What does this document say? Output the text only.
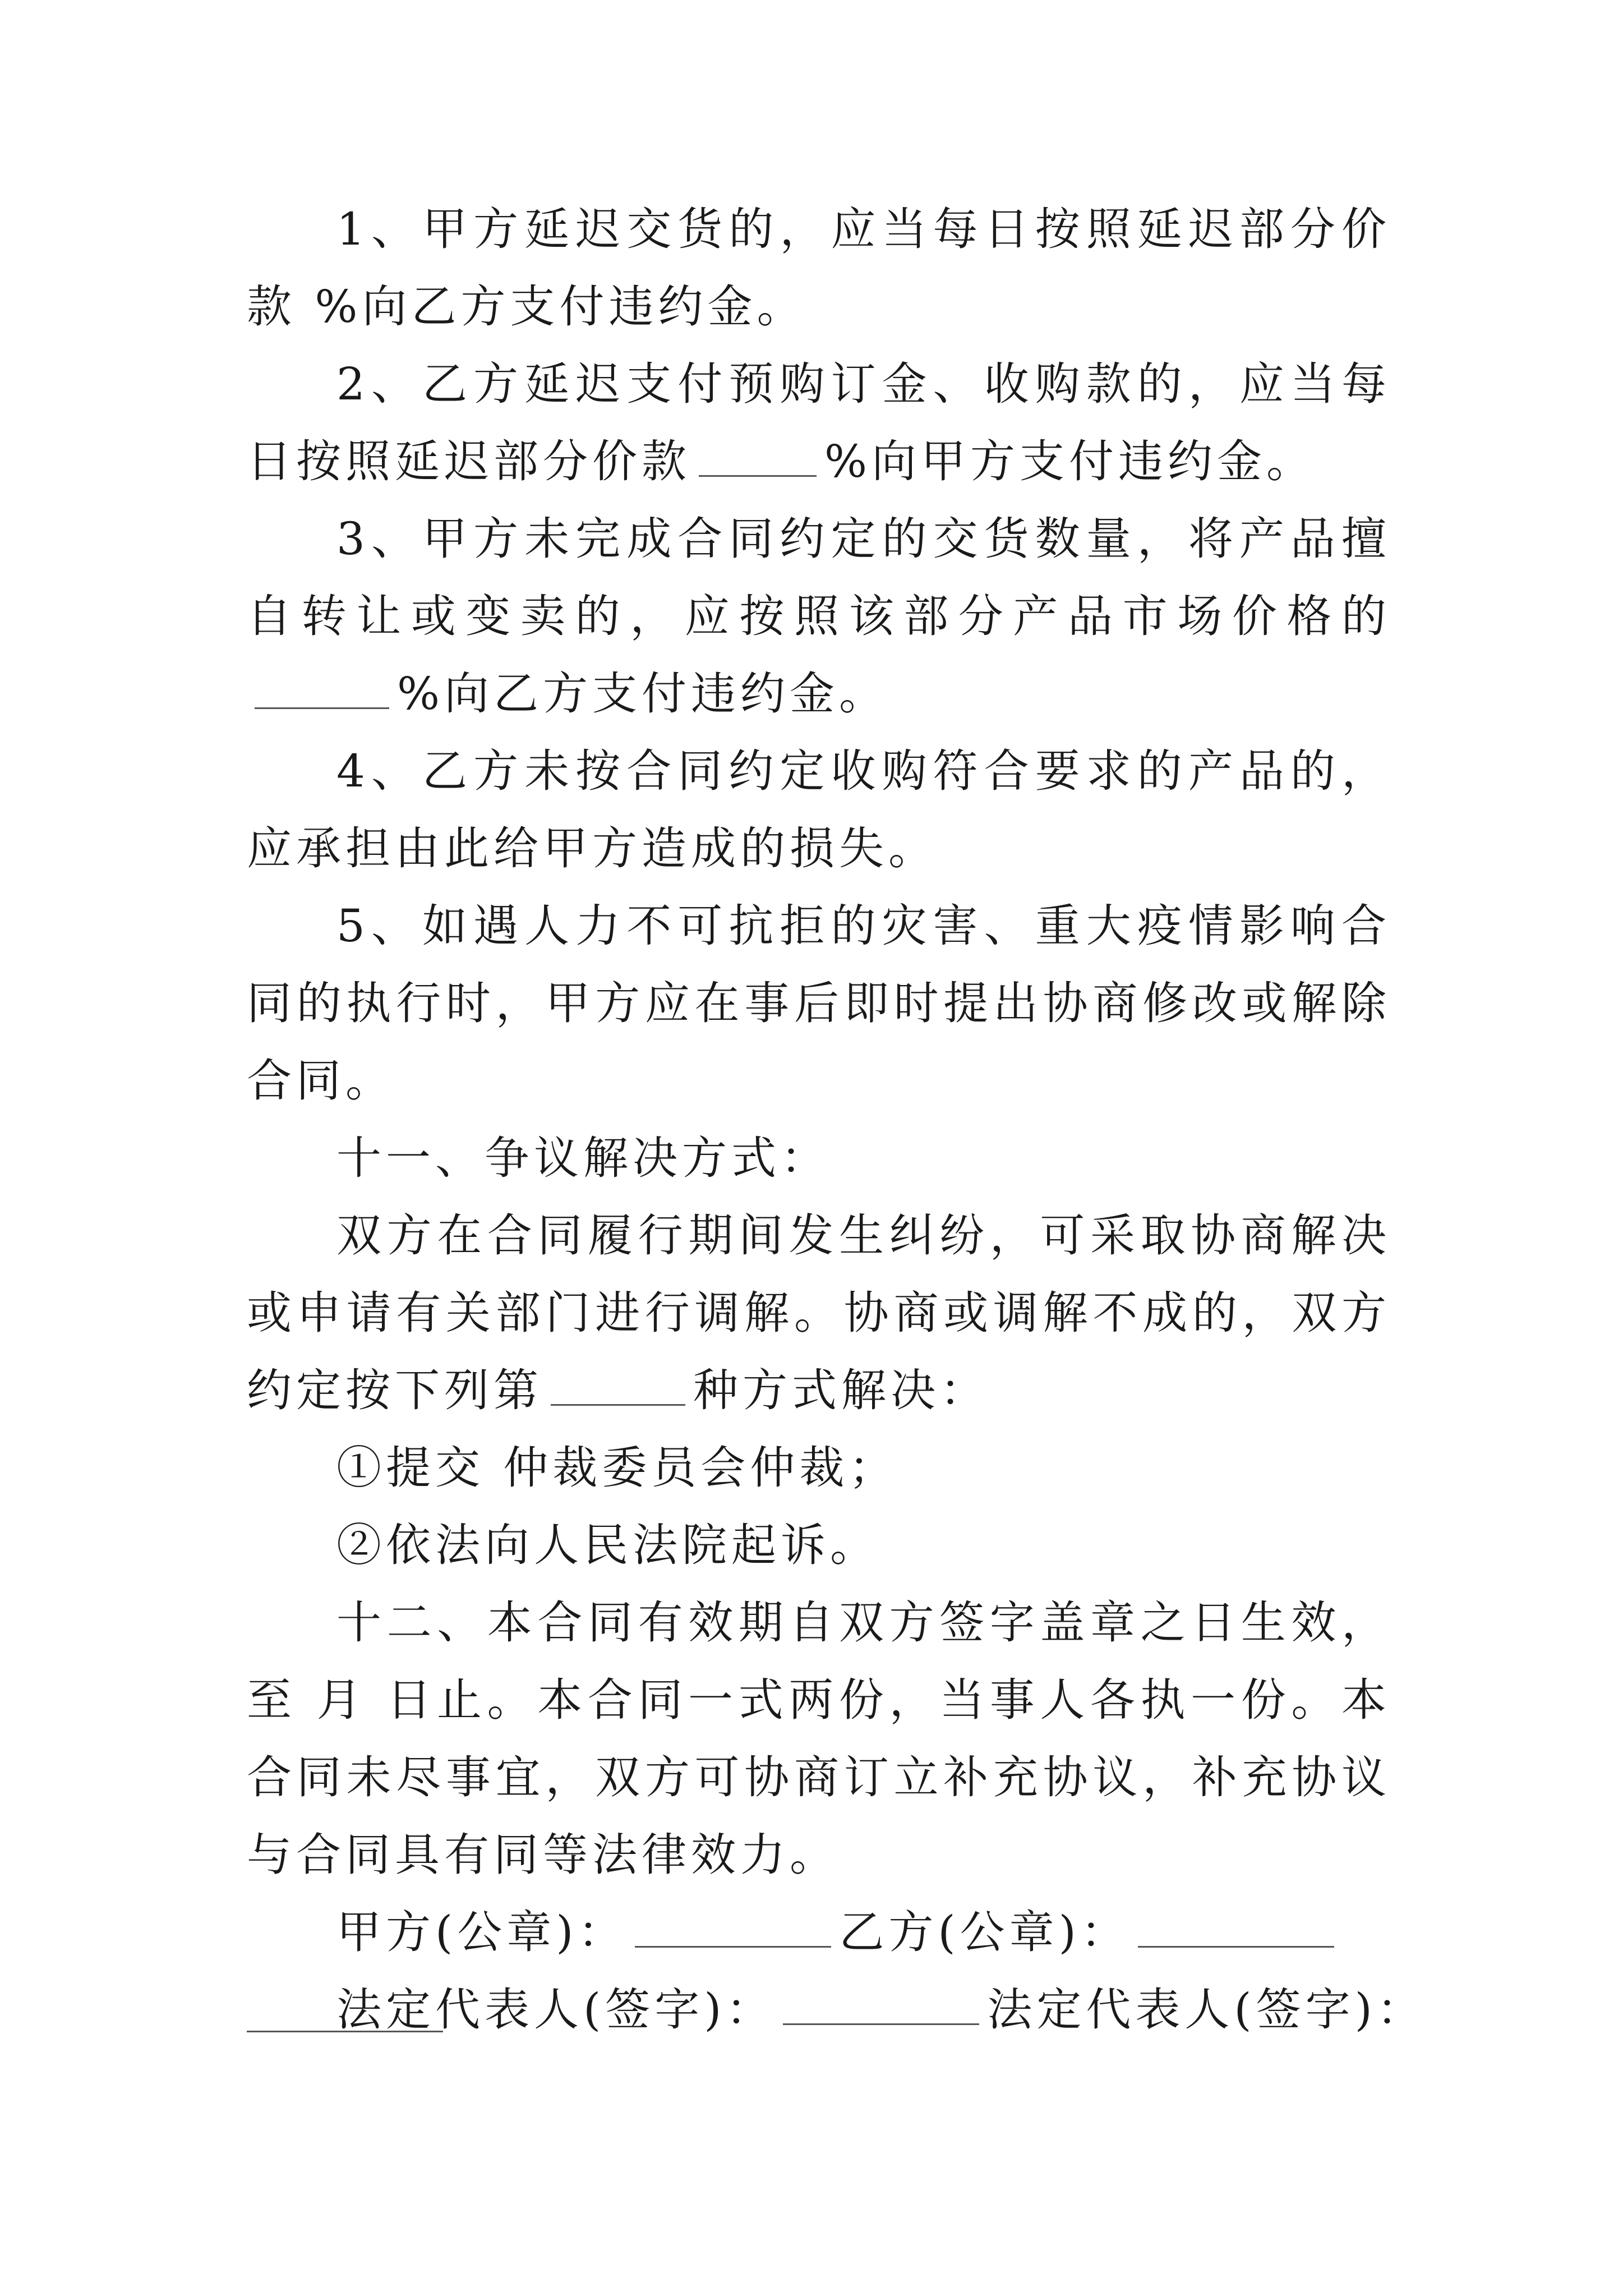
1、甲方延迟交货的，应当每日按照延迟部分价款 %向乙方支付违约金。

2、乙方延迟支付预购订金、收购款的，应当每日按照延迟部分价款	%向甲方支付违约金。

3、甲方未完成合同约定的交货数量，将产品擅自转让或变卖的，应按照该部分产品市场价格的%向乙方支付违约金。

4、乙方未按合同约定收购符合要求的产品的，应承担由此给甲方造成的损失。

5、如遇人力不可抗拒的灾害、重大疫情影响合同的执行时，甲方应在事后即时提出协商修改或解除合同。

十一、争议解决方式：

双方在合同履行期间发生纠纷，可采取协商解决或申请有关部门进行调解。协商或调解不成的，双方约定按下列第	种方式解决：

①提交 仲裁委员会仲裁；

②依法向人民法院起诉。

十二、本合同有效期自双方签字盖章之日生效，至 月 日止。本合同一式两份，当事人各执一份。本合同未尽事宜，双方可协商订立补充协议，补充协议与合同具有同等法律效力。

甲方(公章)：	乙方(公章)：

法定代表人(签字)：	法定代表人(签字)：
